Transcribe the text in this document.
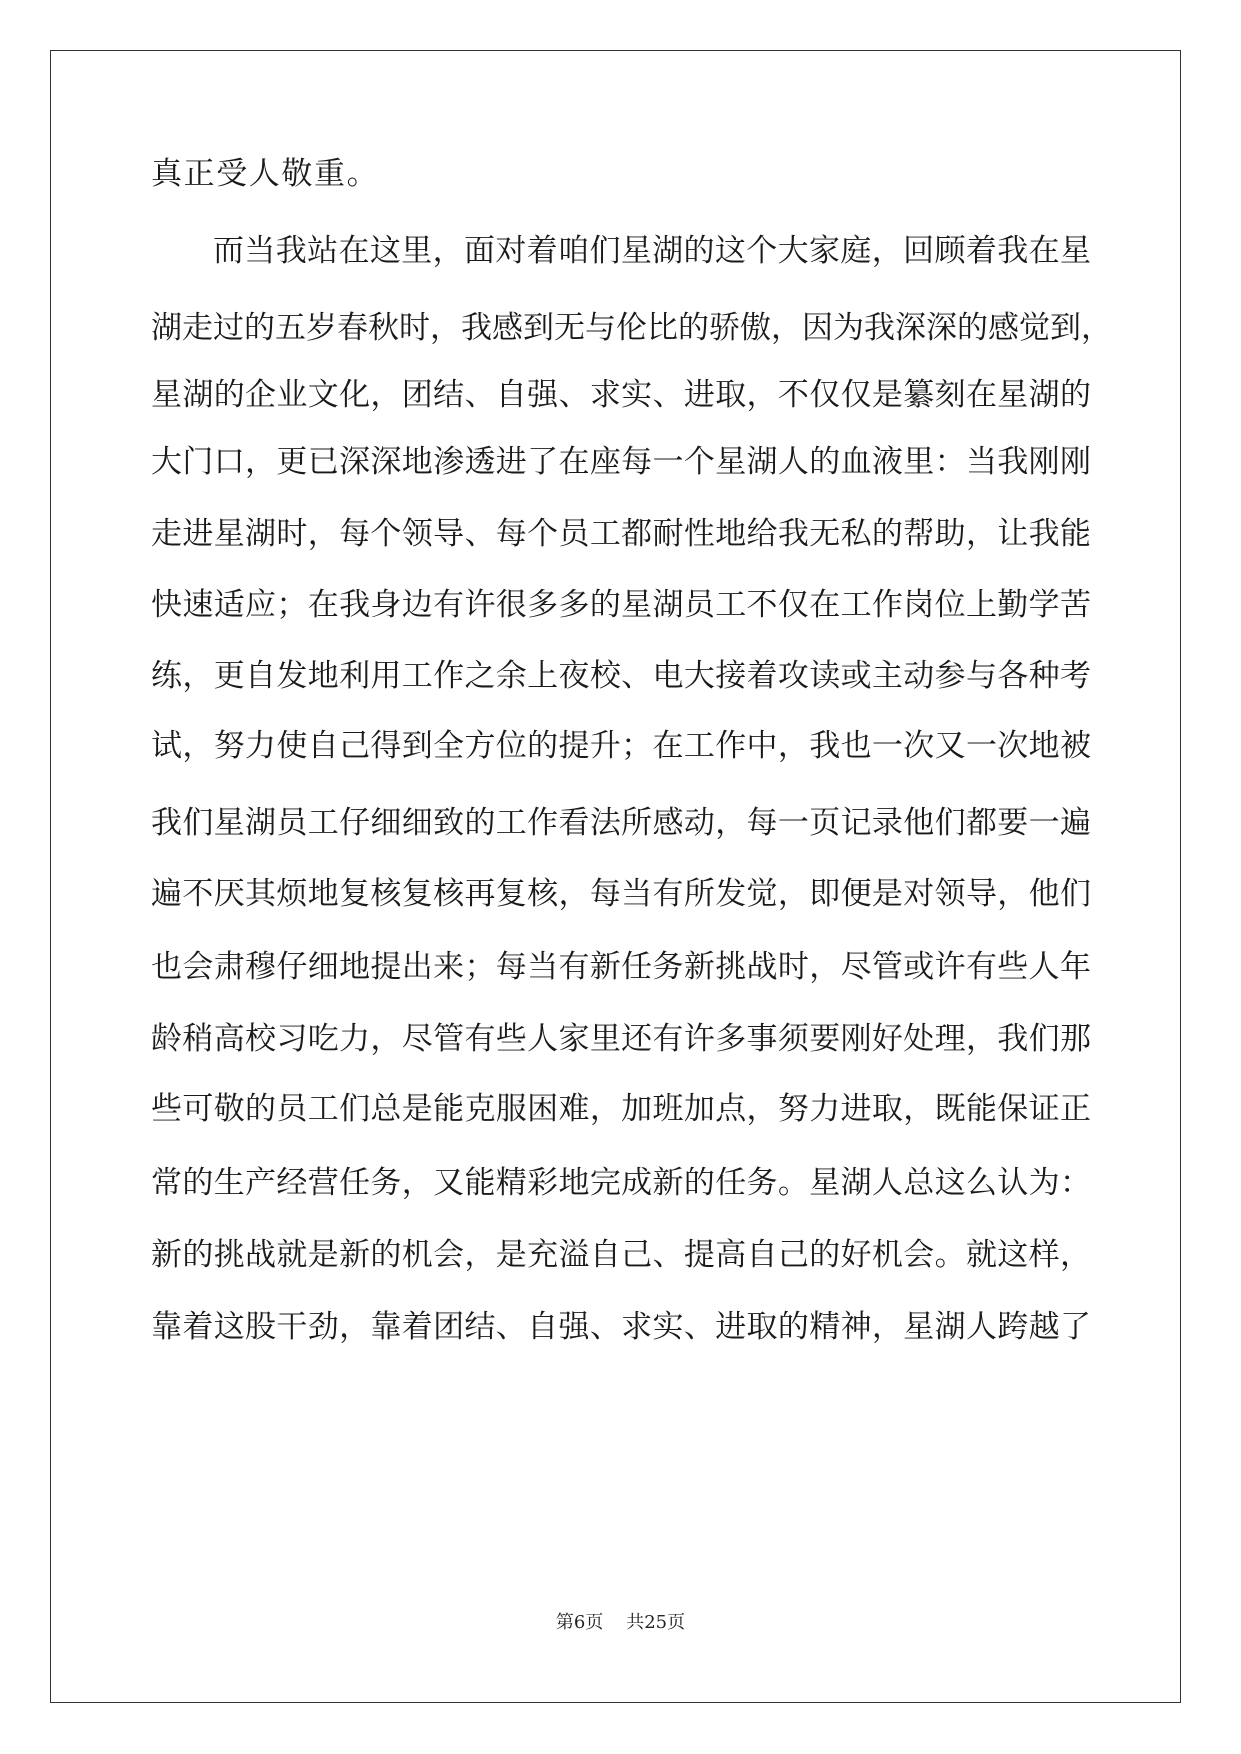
真正受人敬重。
而当我站在这里，面对着咱们星湖的这个大家庭，回顾着我在星
湖走过的五岁春秋时，我感到无与伦比的骄傲，因为我深深的感觉到，
星湖的企业文化，团结、自强、求实、进取，不仅仅是纂刻在星湖的
大门口，更已深深地渗透进了在座每一个星湖人的血液里：当我刚刚
走进星湖时，每个领导、每个员工都耐性地给我无私的帮助，让我能
快速适应；在我身边有许很多多的星湖员工不仅在工作岗位上勤学苦
练，更自发地利用工作之余上夜校、电大接着攻读或主动参与各种考
试，努力使自己得到全方位的提升；在工作中，我也一次又一次地被
我们星湖员工仔细细致的工作看法所感动，每一页记录他们都要一遍
遍不厌其烦地复核复核再复核，每当有所发觉，即便是对领导，他们
也会肃穆仔细地提出来；每当有新任务新挑战时，尽管或许有些人年
龄稍高校习吃力，尽管有些人家里还有许多事须要刚好处理，我们那
些可敬的员工们总是能克服困难，加班加点，努力进取，既能保证正
常的生产经营任务，又能精彩地完成新的任务。星湖人总这么认为：
新的挑战就是新的机会，是充溢自己、提高自己的好机会。就这样，
靠着这股干劲，靠着团结、自强、求实、进取的精神，星湖人跨越了
第6页 共25页
